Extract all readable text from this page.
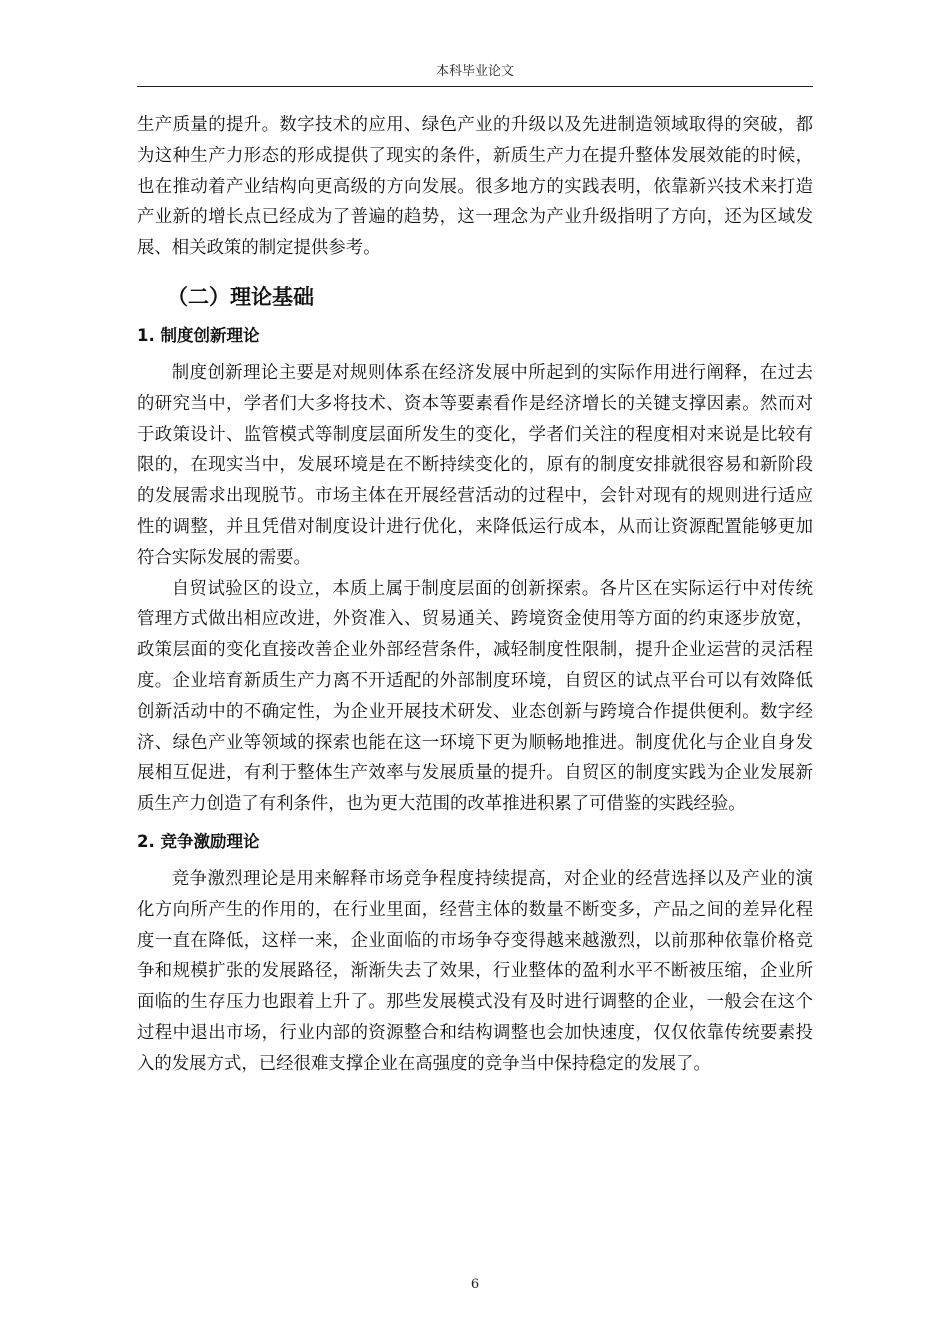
本科毕业论文

生产质量的提升。数字技术的应用、绿色产业的升级以及先进制造领域取得的突破，都为这种生产力形态的形成提供了现实的条件，新质生产力在提升整体发展效能的时候，也在推动着产业结构向更高级的方向发展。很多地方的实践表明，依靠新兴技术来打造产业新的增长点已经成为了普遍的趋势，这一理念为产业升级指明了方向，还为区域发展、相关政策的制定提供参考。

（二）理论基础
1. 制度创新理论

制度创新理论主要是对规则体系在经济发展中所起到的实际作用进行阐释，在过去的研究当中，学者们大多将技术、资本等要素看作是经济增长的关键支撑因素。然而对于政策设计、监管模式等制度层面所发生的变化，学者们关注的程度相对来说是比较有限的，在现实当中，发展环境是在不断持续变化的，原有的制度安排就很容易和新阶段的发展需求出现脱节。市场主体在开展经营活动的过程中，会针对现有的规则进行适应性的调整，并且凭借对制度设计进行优化，来降低运行成本，从而让资源配置能够更加符合实际发展的需要。

自贸试验区的设立，本质上属于制度层面的创新探索。各片区在实际运行中对传统管理方式做出相应改进，外资准入、贸易通关、跨境资金使用等方面的约束逐步放宽，政策层面的变化直接改善企业外部经营条件，减轻制度性限制，提升企业运营的灵活程度。企业培育新质生产力离不开适配的外部制度环境，自贸区的试点平台可以有效降低创新活动中的不确定性，为企业开展技术研发、业态创新与跨境合作提供便利。数字经济、绿色产业等领域的探索也能在这一环境下更为顺畅地推进。制度优化与企业自身发展相互促进，有利于整体生产效率与发展质量的提升。自贸区的制度实践为企业发展新质生产力创造了有利条件，也为更大范围的改革推进积累了可借鉴的实践经验。

2. 竞争激励理论

竞争激烈理论是用来解释市场竞争程度持续提高，对企业的经营选择以及产业的演化方向所产生的作用的，在行业里面，经营主体的数量不断变多，产品之间的差异化程度一直在降低，这样一来，企业面临的市场争夺变得越来越激烈，以前那种依靠价格竞争和规模扩张的发展路径，渐渐失去了效果，行业整体的盈利水平不断被压缩，企业所面临的生存压力也跟着上升了。那些发展模式没有及时进行调整的企业，一般会在这个过程中退出市场，行业内部的资源整合和结构调整也会加快速度，仅仅依靠传统要素投入的发展方式，已经很难支撑企业在高强度的竞争当中保持稳定的发展了。

6
